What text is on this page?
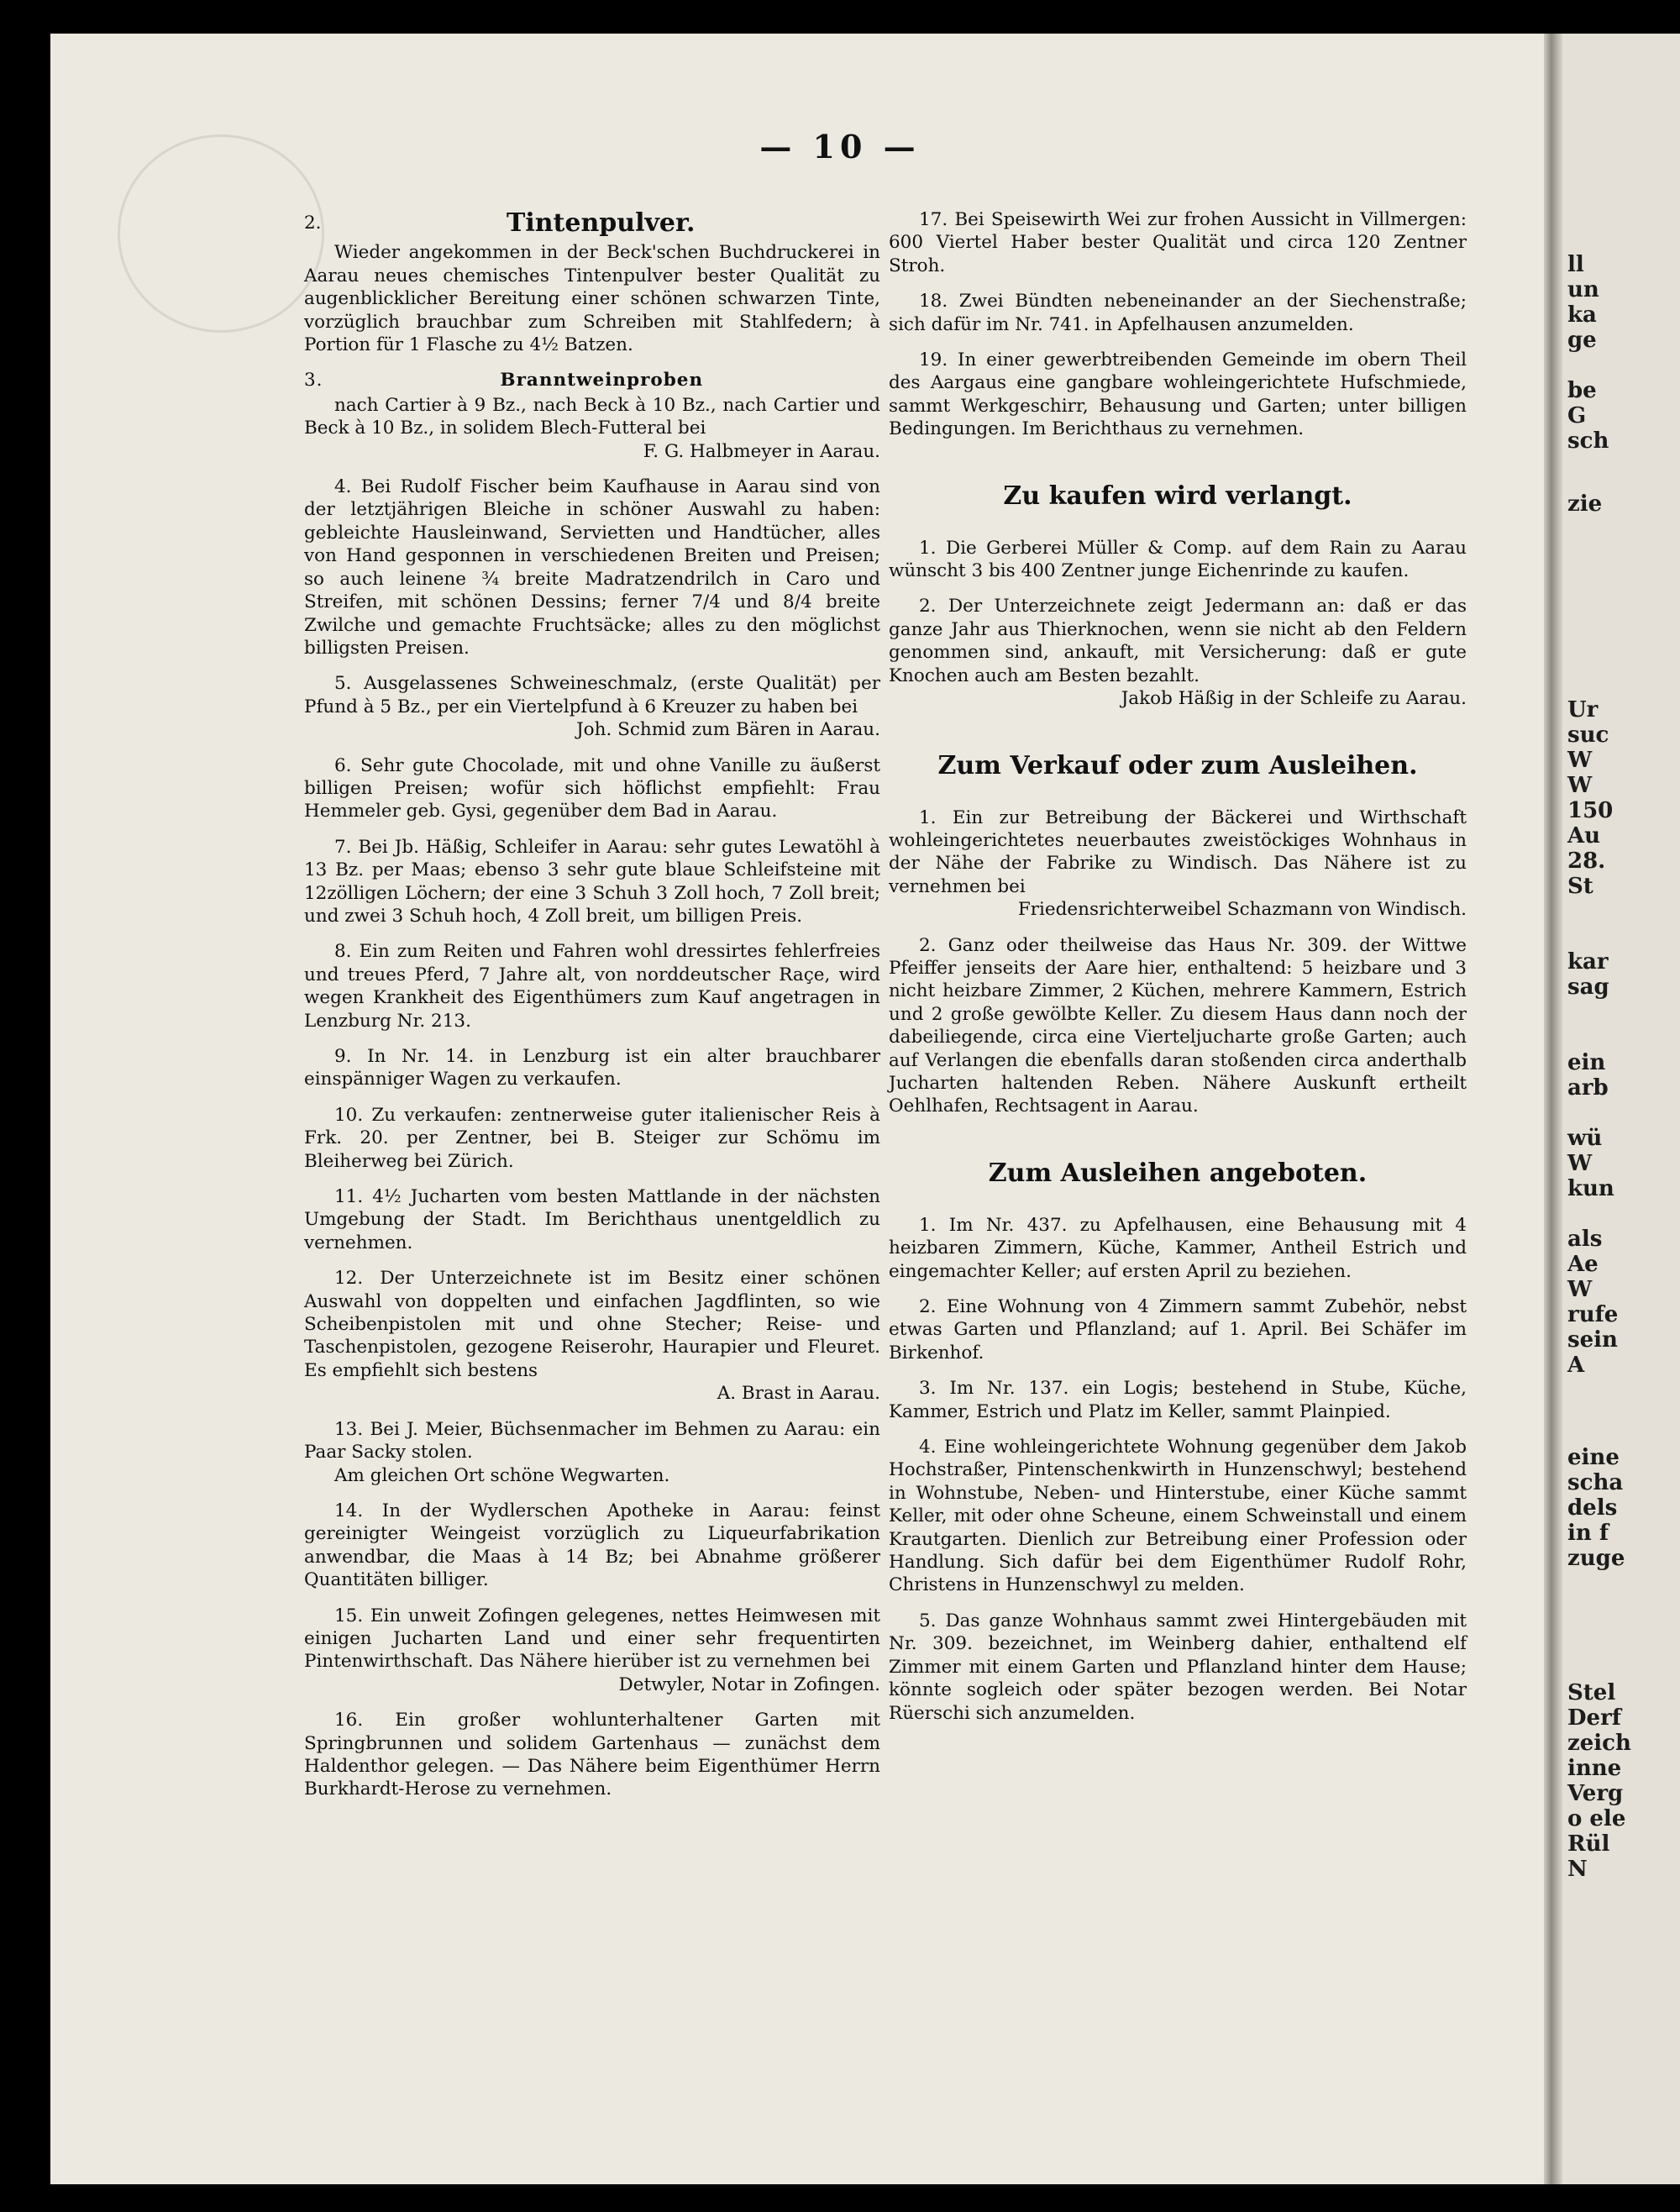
ll
un
ka
ge
be
G
sch
zie
Ur
suc
W
W
150
Au
28.
St
kar
sag
ein
arb
wü
W
kun
als
Ae
W
rufe
sein
A
eine
scha
dels
in f
zuge
Stel
Derf
zeich
inne
Verg
o ele
Rül
N
— 10 —
2.	Tintenpulver.

Wieder angekommen in der Beck'schen Buchdruckerei in Aarau neues chemisches Tintenpulver bester Qualität zu augenblicklicher Bereitung einer schönen schwarzen Tinte, vorzüglich brauchbar zum Schreiben mit Stahlfedern; à Portion für 1 Flasche zu 4½ Batzen.

3.	Branntweinproben

nach Cartier à 9 Bz., nach Beck à 10 Bz., nach Cartier und Beck à 10 Bz., in solidem Blech-Futteral bei

F. G. Halbmeyer in Aarau.

4. Bei Rudolf Fischer beim Kaufhause in Aarau sind von der letztjährigen Bleiche in schöner Auswahl zu haben: gebleichte Hausleinwand, Servietten und Handtücher, alles von Hand gesponnen in verschiedenen Breiten und Preisen; so auch leinene ¾ breite Madratzendrilch in Caro und Streifen, mit schönen Dessins; ferner 7/4 und 8/4 breite Zwilche und gemachte Fruchtsäcke; alles zu den möglichst billigsten Preisen.

5. Ausgelassenes Schweineschmalz, (erste Qualität) per Pfund à 5 Bz., per ein Viertelpfund à 6 Kreuzer zu haben bei

Joh. Schmid zum Bären in Aarau.

6. Sehr gute Chocolade, mit und ohne Vanille zu äußerst billigen Preisen; wofür sich höflichst empfiehlt: Frau Hemmeler geb. Gysi, gegenüber dem Bad in Aarau.

7. Bei Jb. Häßig, Schleifer in Aarau: sehr gutes Lewatöhl à 13 Bz. per Maas; ebenso 3 sehr gute blaue Schleifsteine mit 12zölligen Löchern; der eine 3 Schuh 3 Zoll hoch, 7 Zoll breit; und zwei 3 Schuh hoch, 4 Zoll breit, um billigen Preis.

8. Ein zum Reiten und Fahren wohl dressirtes fehlerfreies und treues Pferd, 7 Jahre alt, von norddeutscher Raçe, wird wegen Krankheit des Eigenthümers zum Kauf angetragen in Lenzburg Nr. 213.

9. In Nr. 14. in Lenzburg ist ein alter brauchbarer einspänniger Wagen zu verkaufen.

10. Zu verkaufen: zentnerweise guter italienischer Reis à Frk. 20. per Zentner, bei B. Steiger zur Schömu im Bleiherweg bei Zürich.

11. 4½ Jucharten vom besten Mattlande in der nächsten Umgebung der Stadt. Im Berichthaus unentgeldlich zu vernehmen.

12. Der Unterzeichnete ist im Besitz einer schönen Auswahl von doppelten und einfachen Jagdflinten, so wie Scheibenpistolen mit und ohne Stecher; Reise- und Taschenpistolen, gezogene Reiserohr, Haurapier und Fleuret. Es empfiehlt sich bestens

A. Brast in Aarau.

13. Bei J. Meier, Büchsenmacher im Behmen zu Aarau: ein Paar Sacky stolen.

Am gleichen Ort schöne Wegwarten.

14. In der Wydlerschen Apotheke in Aarau: feinst gereinigter Weingeist vorzüglich zu Liqueurfabrikation anwendbar, die Maas à 14 Bz; bei Abnahme größerer Quantitäten billiger.

15. Ein unweit Zofingen gelegenes, nettes Heimwesen mit einigen Jucharten Land und einer sehr frequentirten Pintenwirthschaft. Das Nähere hierüber ist zu vernehmen bei

Detwyler, Notar in Zofingen.

16. Ein großer wohlunterhaltener Garten mit Springbrunnen und solidem Gartenhaus — zunächst dem Haldenthor gelegen. — Das Nähere beim Eigenthümer Herrn Burkhardt-Herose zu vernehmen.

17. Bei Speisewirth Wei zur frohen Aussicht in Villmergen: 600 Viertel Haber bester Qualität und circa 120 Zentner Stroh.

18. Zwei Bündten nebeneinander an der Siechenstraße; sich dafür im Nr. 741. in Apfelhausen anzumelden.

19. In einer gewerbtreibenden Gemeinde im obern Theil des Aargaus eine gangbare wohleingerichtete Hufschmiede, sammt Werkgeschirr, Behausung und Garten; unter billigen Bedingungen. Im Berichthaus zu vernehmen.

Zu kaufen wird verlangt.

1. Die Gerberei Müller & Comp. auf dem Rain zu Aarau wünscht 3 bis 400 Zentner junge Eichenrinde zu kaufen.

2. Der Unterzeichnete zeigt Jedermann an: daß er das ganze Jahr aus Thierknochen, wenn sie nicht ab den Feldern genommen sind, ankauft, mit Versicherung: daß er gute Knochen auch am Besten bezahlt.

Jakob Häßig in der Schleife zu Aarau.

Zum Verkauf oder zum Ausleihen.

1. Ein zur Betreibung der Bäckerei und Wirthschaft wohleingerichtetes neuerbautes zweistöckiges Wohnhaus in der Nähe der Fabrike zu Windisch. Das Nähere ist zu vernehmen bei

Friedensrichterweibel Schazmann von Windisch.

2. Ganz oder theilweise das Haus Nr. 309. der Wittwe Pfeiffer jenseits der Aare hier, enthaltend: 5 heizbare und 3 nicht heizbare Zimmer, 2 Küchen, mehrere Kammern, Estrich und 2 große gewölbte Keller. Zu diesem Haus dann noch der dabeiliegende, circa eine Vierteljucharte große Garten; auch auf Verlangen die ebenfalls daran stoßenden circa anderthalb Jucharten haltenden Reben. Nähere Auskunft ertheilt Oehlhafen, Rechtsagent in Aarau.

Zum Ausleihen angeboten.

1. Im Nr. 437. zu Apfelhausen, eine Behausung mit 4 heizbaren Zimmern, Küche, Kammer, Antheil Estrich und eingemachter Keller; auf ersten April zu beziehen.

2. Eine Wohnung von 4 Zimmern sammt Zubehör, nebst etwas Garten und Pflanzland; auf 1. April. Bei Schäfer im Birkenhof.

3. Im Nr. 137. ein Logis; bestehend in Stube, Küche, Kammer, Estrich und Platz im Keller, sammt Plainpied.

4. Eine wohleingerichtete Wohnung gegenüber dem Jakob Hochstraßer, Pintenschenkwirth in Hunzenschwyl; bestehend in Wohnstube, Neben- und Hinterstube, einer Küche sammt Keller, mit oder ohne Scheune, einem Schweinstall und einem Krautgarten. Dienlich zur Betreibung einer Profession oder Handlung. Sich dafür bei dem Eigenthümer Rudolf Rohr, Christens in Hunzenschwyl zu melden.

5. Das ganze Wohnhaus sammt zwei Hintergebäuden mit Nr. 309. bezeichnet, im Weinberg dahier, enthaltend elf Zimmer mit einem Garten und Pflanzland hinter dem Hause; könnte sogleich oder später bezogen werden. Bei Notar Rüerschi sich anzumelden.
